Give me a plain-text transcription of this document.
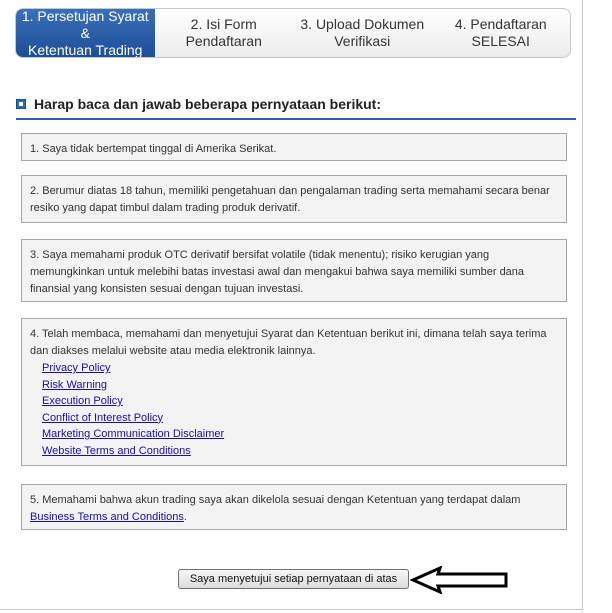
1. Persetujan Syarat &
Ketentuan Trading
2. Isi Form
Pendaftaran
3. Upload Dokumen
Verifikasi
4. Pendaftaran
SELESAI
Harap baca dan jawab beberapa pernyataan berikut:
1. Saya tidak bertempat tinggal di Amerika Serikat.
2. Berumur diatas 18 tahun, memiliki pengetahuan dan pengalaman trading serta memahami secara benar resiko yang dapat timbul dalam trading produk derivatif.
3. Saya memahami produk OTC derivatif bersifat volatile (tidak menentu); risiko kerugian yang memungkinkan untuk melebihi batas investasi awal dan mengakui bahwa saya memiliki sumber dana finansial yang konsisten sesuai dengan tujuan investasi.
4. Telah membaca, memahami dan menyetujui Syarat dan Ketentuan berikut ini, dimana telah saya terima dan diakses melalui website atau media elektronik lainnya.
Privacy Policy
Risk Warning
Execution Policy
Conflict of Interest Policy
Marketing Communication Disclaimer
Website Terms and Conditions
5. Memahami bahwa akun trading saya akan dikelola sesuai dengan Ketentuan yang terdapat dalam Business Terms and Conditions.
Saya menyetujui setiap pernyataan di atas
